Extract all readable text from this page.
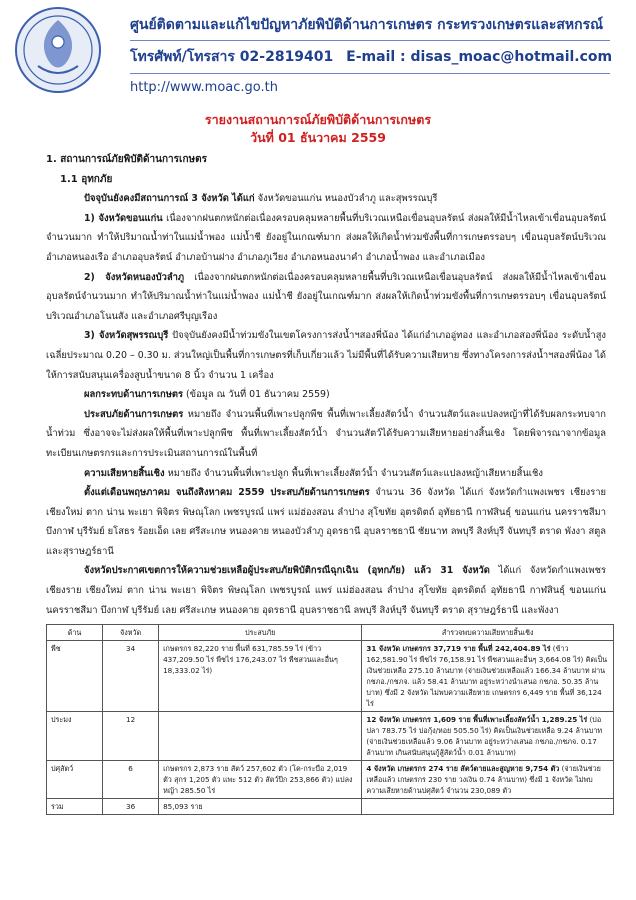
ศูนย์ติดตามและแก้ไขปัญหาภัยพิบัติด้านการเกษตร กระทรวงเกษตรและสหกรณ์
โทรศัพท์/โทรสาร 02-2819401 E-mail : disas_moac@hotmail.com
http://www.moac.go.th
รายงานสถานการณ์ภัยพิบัติด้านการเกษตร
วันที่ 01 ธันวาคม 2559

1. สถานการณ์ภัยพิบัติด้านการเกษตร

1.1 อุทกภัย

ปัจจุบันยังคงมีสถานการณ์ 3 จังหวัด ได้แก่ จังหวัดขอนแก่น หนองบัวลำภู และสุพรรณบุรี

1) จังหวัดขอนแก่น เนื่องจากฝนตกหนักต่อเนื่องครอบคลุมหลายพื้นที่บริเวณเหนือเขื่อนอุบลรัตน์ ส่งผลให้มีน้ำไหลเข้าเขื่อนอุบลรัตน์จำนวนมาก ทำให้ปริมาณน้ำท่าในแม่น้ำพอง แม่น้ำชี ยังอยู่ในเกณฑ์มาก ส่งผลให้เกิดน้ำท่วมขังพื้นที่การเกษตรรอบๆ เขื่อนอุบลรัตน์บริเวณอำเภอหนองเรือ อำเภออุบลรัตน์ อำเภอบ้านฝาง อำเภอภูเวียง อำเภอหนองนาคำ อำเภอน้ำพอง และอำเภอเมือง

2) จังหวัดหนองบัวลำภู เนื่องจากฝนตกหนักต่อเนื่องครอบคลุมหลายพื้นที่บริเวณเหนือเขื่อนอุบลรัตน์ ส่งผลให้มีน้ำไหลเข้าเขื่อนอุบลรัตน์จำนวนมาก ทำให้ปริมาณน้ำท่าในแม่น้ำพอง แม่น้ำชี ยังอยู่ในเกณฑ์มาก ส่งผลให้เกิดน้ำท่วมขังพื้นที่การเกษตรรอบๆ เขื่อนอุบลรัตน์ บริเวณอำเภอโนนสัง และอำเภอศรีบุญเรือง

3) จังหวัดสุพรรณบุรี ปัจจุบันยังคงมีน้ำท่วมขังในเขตโครงการส่งน้ำฯสองพี่น้อง ได้แก่อำเภออู่ทอง และอำเภอสองพี่น้อง ระดับน้ำสูงเฉลี่ยประมาณ 0.20 – 0.30 ม. ส่วนใหญ่เป็นพื้นที่การเกษตรที่เก็บเกี่ยวแล้ว ไม่มีพื้นที่ได้รับความเสียหาย ซึ่งทางโครงการส่งน้ำฯสองพี่น้อง ได้ให้การสนับสนุนเครื่องสูบน้ำขนาด 8 นิ้ว จำนวน 1 เครื่อง

ผลกระทบด้านการเกษตร (ข้อมูล ณ วันที่ 01 ธันวาคม 2559)

ประสบภัยด้านการเกษตร หมายถึง จำนวนพื้นที่เพาะปลูกพืช พื้นที่เพาะเลี้ยงสัตว์น้ำ จำนวนสัตว์และแปลงหญ้าที่ได้รับผลกระทบจากน้ำท่วม ซึ่งอาจจะไม่ส่งผลให้พื้นที่เพาะปลูกพืช พื้นที่เพาะเลี้ยงสัตว์น้ำ จำนวนสัตว์ได้รับความเสียหายอย่างสิ้นเชิง โดยพิจารณาจากข้อมูลทะเบียนเกษตรกรและการประเมินสถานการณ์ในพื้นที่

ความเสียหายสิ้นเชิง หมายถึง จำนวนพื้นที่เพาะปลูก พื้นที่เพาะเลี้ยงสัตว์น้ำ จำนวนสัตว์และแปลงหญ้าเสียหายสิ้นเชิง

ตั้งแต่เดือนพฤษภาคม จนถึงสิงหาคม 2559 ประสบภัยด้านการเกษตร จำนวน 36 จังหวัด ได้แก่ จังหวัดกำแพงเพชร เชียงราย เชียงใหม่ ตาก น่าน พะเยา พิจิตร พิษณุโลก เพชรบูรณ์ แพร่ แม่ฮ่องสอน ลำปาง สุโขทัย อุตรดิตถ์ อุทัยธานี กาฬสินธุ์ ขอนแก่น นครราชสีมา บึงกาฬ บุรีรัมย์ ยโสธร ร้อยเอ็ด เลย ศรีสะเกษ หนองคาย หนองบัวลำภู อุดรธานี อุบลราชธานี ชัยนาท ลพบุรี สิงห์บุรี จันทบุรี ตราด พังงา สตูล และสุราษฎร์ธานี

จังหวัดประกาศเขตการให้ความช่วยเหลือผู้ประสบภัยพิบัติกรณีฉุกเฉิน (อุทกภัย) แล้ว 31 จังหวัด ได้แก่ จังหวัดกำแพงเพชร เชียงราย เชียงใหม่ ตาก น่าน พะเยา พิจิตร พิษณุโลก เพชรบูรณ์ แพร่ แม่ฮ่องสอน ลำปาง สุโขทัย อุตรดิตถ์ อุทัยธานี กาฬสินธุ์ ขอนแก่น นครราชสีมา บึงกาฬ บุรีรัมย์ เลย ศรีสะเกษ หนองคาย อุดรธานี อุบลราชธานี ลพบุรี สิงห์บุรี จันทบุรี ตราด สุราษฎร์ธานี และพังงา

ด้าน	จังหวัด	ประสบภัย	สำรวจพบความเสียหายสิ้นเชิง
พืช	34	เกษตรกร 82,220 ราย พื้นที่ 631,785.59 ไร่ (ข้าว 437,209.50 ไร่ พืชไร่ 176,243.07 ไร่ พืชสวนและอื่นๆ 18,333.02 ไร่)	31 จังหวัด เกษตรกร 37,719 ราย พื้นที่ 242,404.89 ไร่ (ข้าว 162,581.90 ไร่ พืชไร่ 76,158.91 ไร่ พืชสวนและอื่นๆ 3,664.08 ไร่) คิดเป็นเงินช่วยเหลือ 275.10 ล้านบาท (จ่ายเงินช่วยเหลือแล้ว 166.34 ล้านบาท ผ่าน กชภอ./กชภจ. แล้ว 58.41 ล้านบาท อยู่ระหว่างนำเสนอ กชภอ. 50.35 ล้านบาท) ซึ่งมี 2 จังหวัด ไม่พบความเสียหาย เกษตรกร 6,449 ราย พื้นที่ 36,124 ไร่
ประมง	12		12 จังหวัด เกษตรกร 1,609 ราย พื้นที่เพาะเลี้ยงสัตว์น้ำ 1,289.25 ไร่ (บ่อปลา 783.75 ไร่ บ่อกุ้ง/หอย 505.50 ไร่) คิดเป็นเงินช่วยเหลือ 9.24 ล้านบาท (จ่ายเงินช่วยเหลือแล้ว 9.06 ล้านบาท อยู่ระหว่างเสนอ กชภอ./กชภจ. 0.17 ล้านบาท เกินสนับสนุนกู้สู้สัตว์น้ำ 0.01 ล้านบาท)
ปศุสัตว์	6	เกษตรกร 2,873 ราย สัตว์ 257,602 ตัว (โค-กระบือ 2,019 ตัว สุกร 1,205 ตัว แพะ 512 ตัว สัตว์ปีก 253,866 ตัว) แปลงหญ้า 285.50 ไร่	4 จังหวัด เกษตรกร 274 ราย สัตว์ตายและสูญหาย 9,754 ตัว (จ่ายเงินช่วยเหลือแล้ว เกษตรกร 230 ราย วงเงิน 0.74 ล้านบาท) ซึ่งมี 1 จังหวัด ไม่พบความเสียหายด้านปศุสัตว์ จำนวน 230,089 ตัว
รวม	36	85,093 ราย	
